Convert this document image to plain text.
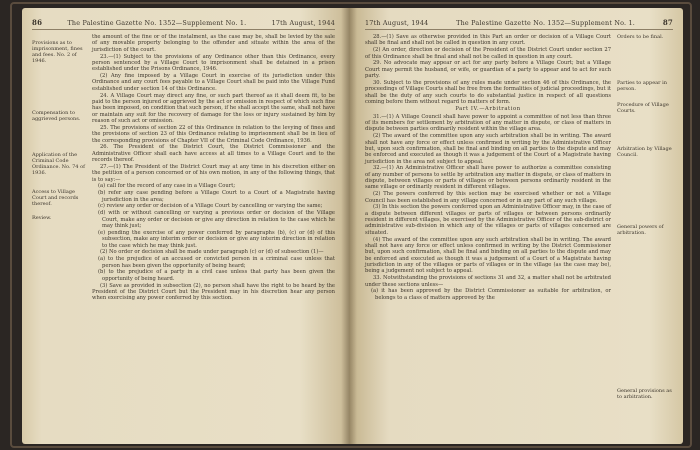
86	The Palestine Gazette No. 1352—Supplement No. 1.	17th August, 1944
Provisions as to imprisonment, fines and fees. No. 2 of 1946.
Compensation to aggrieved persons.
Application of the Criminal Code Ordinance. No. 74 of 1936.
Access to Village Court and records thereof.
Review.

the amount of the fine or of the instalment, as the case may be, shall be levied by the sale of any movable property belonging to the offender and situate within the area of the jurisdiction of the court.

23.—(1) Subject to the provisions of any Ordinance other than this Ordinance, every person sentenced by a Village Court to imprisonment shall be detained in a prison established under the Prisons Ordinance, 1946.

(2) Any fine imposed by a Village Court in exercise of its jurisdiction under this Ordinance and any court fees payable to a Village Court shall be paid into the Village Fund established under section 14 of this Ordinance.

24. A Village Court may direct any fine, or such part thereof as it shall deem fit, to be paid to the person injured or aggrieved by the act or omission in respect of which such fine has been imposed, on condition that such person, if he shall accept the same, shall not have or maintain any suit for the recovery of damage for the loss or injury sustained by him by reason of such act or omission.

25. The provisions of section 22 of this Ordinance in relation to the levying of fines and the provisions of section 23 of this Ordinance relating to imprisonment shall be in lieu of the corresponding provisions of Chapter VII of the Criminal Code Ordinance, 1936.

26. The President of the District Court, the District Commissioner and the Administrative Officer shall each have access at all times to a Village Court and to the records thereof.

27.—(1) The President of the District Court may at any time in his discretion either on the petition of a person concerned or of his own motion, in any of the following things, that is to say:—

(a) call for the record of any case in a Village Court;

(b) refer any case pending before a Village Court to a Court of a Magistrate having jurisdiction in the area;

(c) review any order or decision of a Village Court by cancelling or varying the same;

(d) with or without cancelling or varying a previous order or decision of the Village Court, make any order or decision or give any direction in relation to the case which he may think just;

(e) pending the exercise of any power conferred by paragraphs (b), (c) or (d) of this subsection, make any interim order or decision or give any interim direction in relation to the case which he may think just.

(2) No order or decision shall be made under paragraph (c) or (d) of subsection (1)—

(a) to the prejudice of an accused or convicted person in a criminal case unless that person has been given the opportunity of being heard;

(b) to the prejudice of a party in a civil case unless that party has been given the opportunity of being heard.

(3) Save as provided in subsection (2), no person shall have the right to be heard by the President of the District Court but the President may in his discretion hear any person when exercising any power conferred by this section.

17th August, 1944	The Palestine Gazette No. 1352—Supplement No. 1.	87
Orders to be final.
Parties to appear in person.
Procedure of Village Courts.
Arbitration by Village Council.
General powers of arbitration.
General provisions as to arbitration.

28.—(1) Save as otherwise provided in this Part an order or decision of a Village Court shall be final and shall not be called in question in any court.

(2) An order, direction or decision of the President of the District Court under section 27 of this Ordinance shall be final and shall not be called in question in any court.

29. No advocate may appear or act for any party before a Village Court; but a Village Court may permit the husband, or wife, or guardian of a party to appear and to act for such party.

30. Subject to the provisions of any rules made under section 46 of this Ordinance, the proceedings of Village Courts shall be free from the formalities of judicial proceedings, but it shall be the duty of any such courts to do substantial justice in respect of all questions coming before them without regard to matters of form.

Part IV.—Arbitration

31.—(1) A Village Council shall have power to appoint a committee of not less than three of its members for settlement by arbitration of any matter in dispute, or class of matters in dispute between parties ordinarily resident within the village area.

(2) The award of the committee upon any such arbitration shall be in writing. The award shall not have any force or effect unless confirmed in writing by the Administrative Officer but, upon such confirmation, shall be final and binding on all parties to the dispute and may be enforced and executed as though it was a judgement of the Court of a Magistrate having jurisdiction in the area not subject to appeal.

32.—(1) An Administrative Officer shall have power to authorize a committee consisting of any number of persons to settle by arbitration any matter in dispute, or class of matters in dispute, between villages or parts of villages or between persons ordinarily resident in the same village or ordinarily resident in different villages.

(2) The powers conferred by this section may be exercised whether or not a Village Council has been established in any village concerned or in any part of any such village.

(3) In this section the powers conferred upon an Administrative Officer may, in the case of a dispute between different villages or parts of villages or between persons ordinarily resident in different villages, be exercised by the Administrative Officer of the sub-district or administrative sub-division in which any of the villages or parts of villages concerned are situated.

(4) The award of the committee upon any such arbitration shall be in writing. The award shall not have any force or effect unless confirmed in writing by the District Commissioner but, upon such confirmation, shall be final and binding on all parties to the dispute and may be enforced and executed as though it was a judgement of a Court of a Magistrate having jurisdiction in any of the villages or parts of villages or in the village (as the case may be), being a judgement not subject to appeal.

33. Notwithstanding the provisions of sections 31 and 32, a matter shall not be arbitrated under these sections unless—

(a) it has been approved by the District Commissioner as suitable for arbitration, or belongs to a class of matters approved by the
